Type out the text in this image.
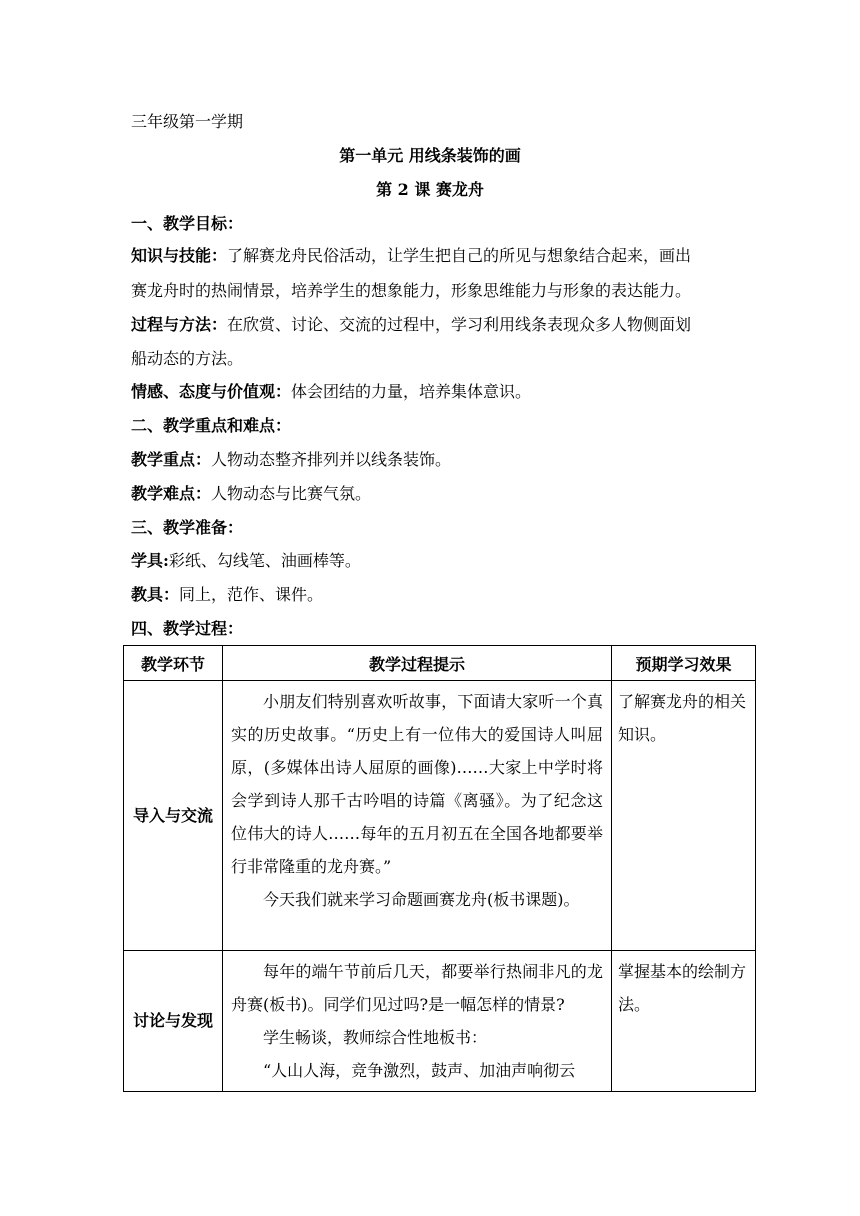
三年级第一学期
第一单元 用线条装饰的画
第 2 课 赛龙舟
一、教学目标：
知识与技能：了解赛龙舟民俗活动，让学生把自己的所见与想象结合起来，画出
赛龙舟时的热闹情景，培养学生的想象能力，形象思维能力与形象的表达能力。
过程与方法：在欣赏、讨论、交流的过程中，学习利用线条表现众多人物侧面划
船动态的方法。
情感、态度与价值观：体会团结的力量，培养集体意识。
二、教学重点和难点：
教学重点：人物动态整齐排列并以线条装饰。
教学难点：人物动态与比赛气氛。
三、教学准备：
学具:彩纸、勾线笔、油画棒等。
教具：同上，范作、课件。
四、教学过程：
教学环节	教学过程提示	预期学习效果
导入与交流	小朋友们特别喜欢听故事，下面请大家听一个真实的历史故事。“历史上有一位伟大的爱国诗人叫屈原，(多媒体出诗人屈原的画像)……大家上中学时将会学到诗人那千古吟唱的诗篇《离骚》。为了纪念这位伟大的诗人……每年的五月初五在全国各地都要举行非常隆重的龙舟赛。”

今天我们就来学习命题画赛龙舟(板书课题)。	了解赛龙舟的相关知识。
讨论与发现	每年的端午节前后几天，都要举行热闹非凡的龙舟赛(板书)。同学们见过吗?是一幅怎样的情景?

学生畅谈，教师综合性地板书：

“人山人海，竞争激烈，鼓声、加油声响彻云	掌握基本的绘制方法。
